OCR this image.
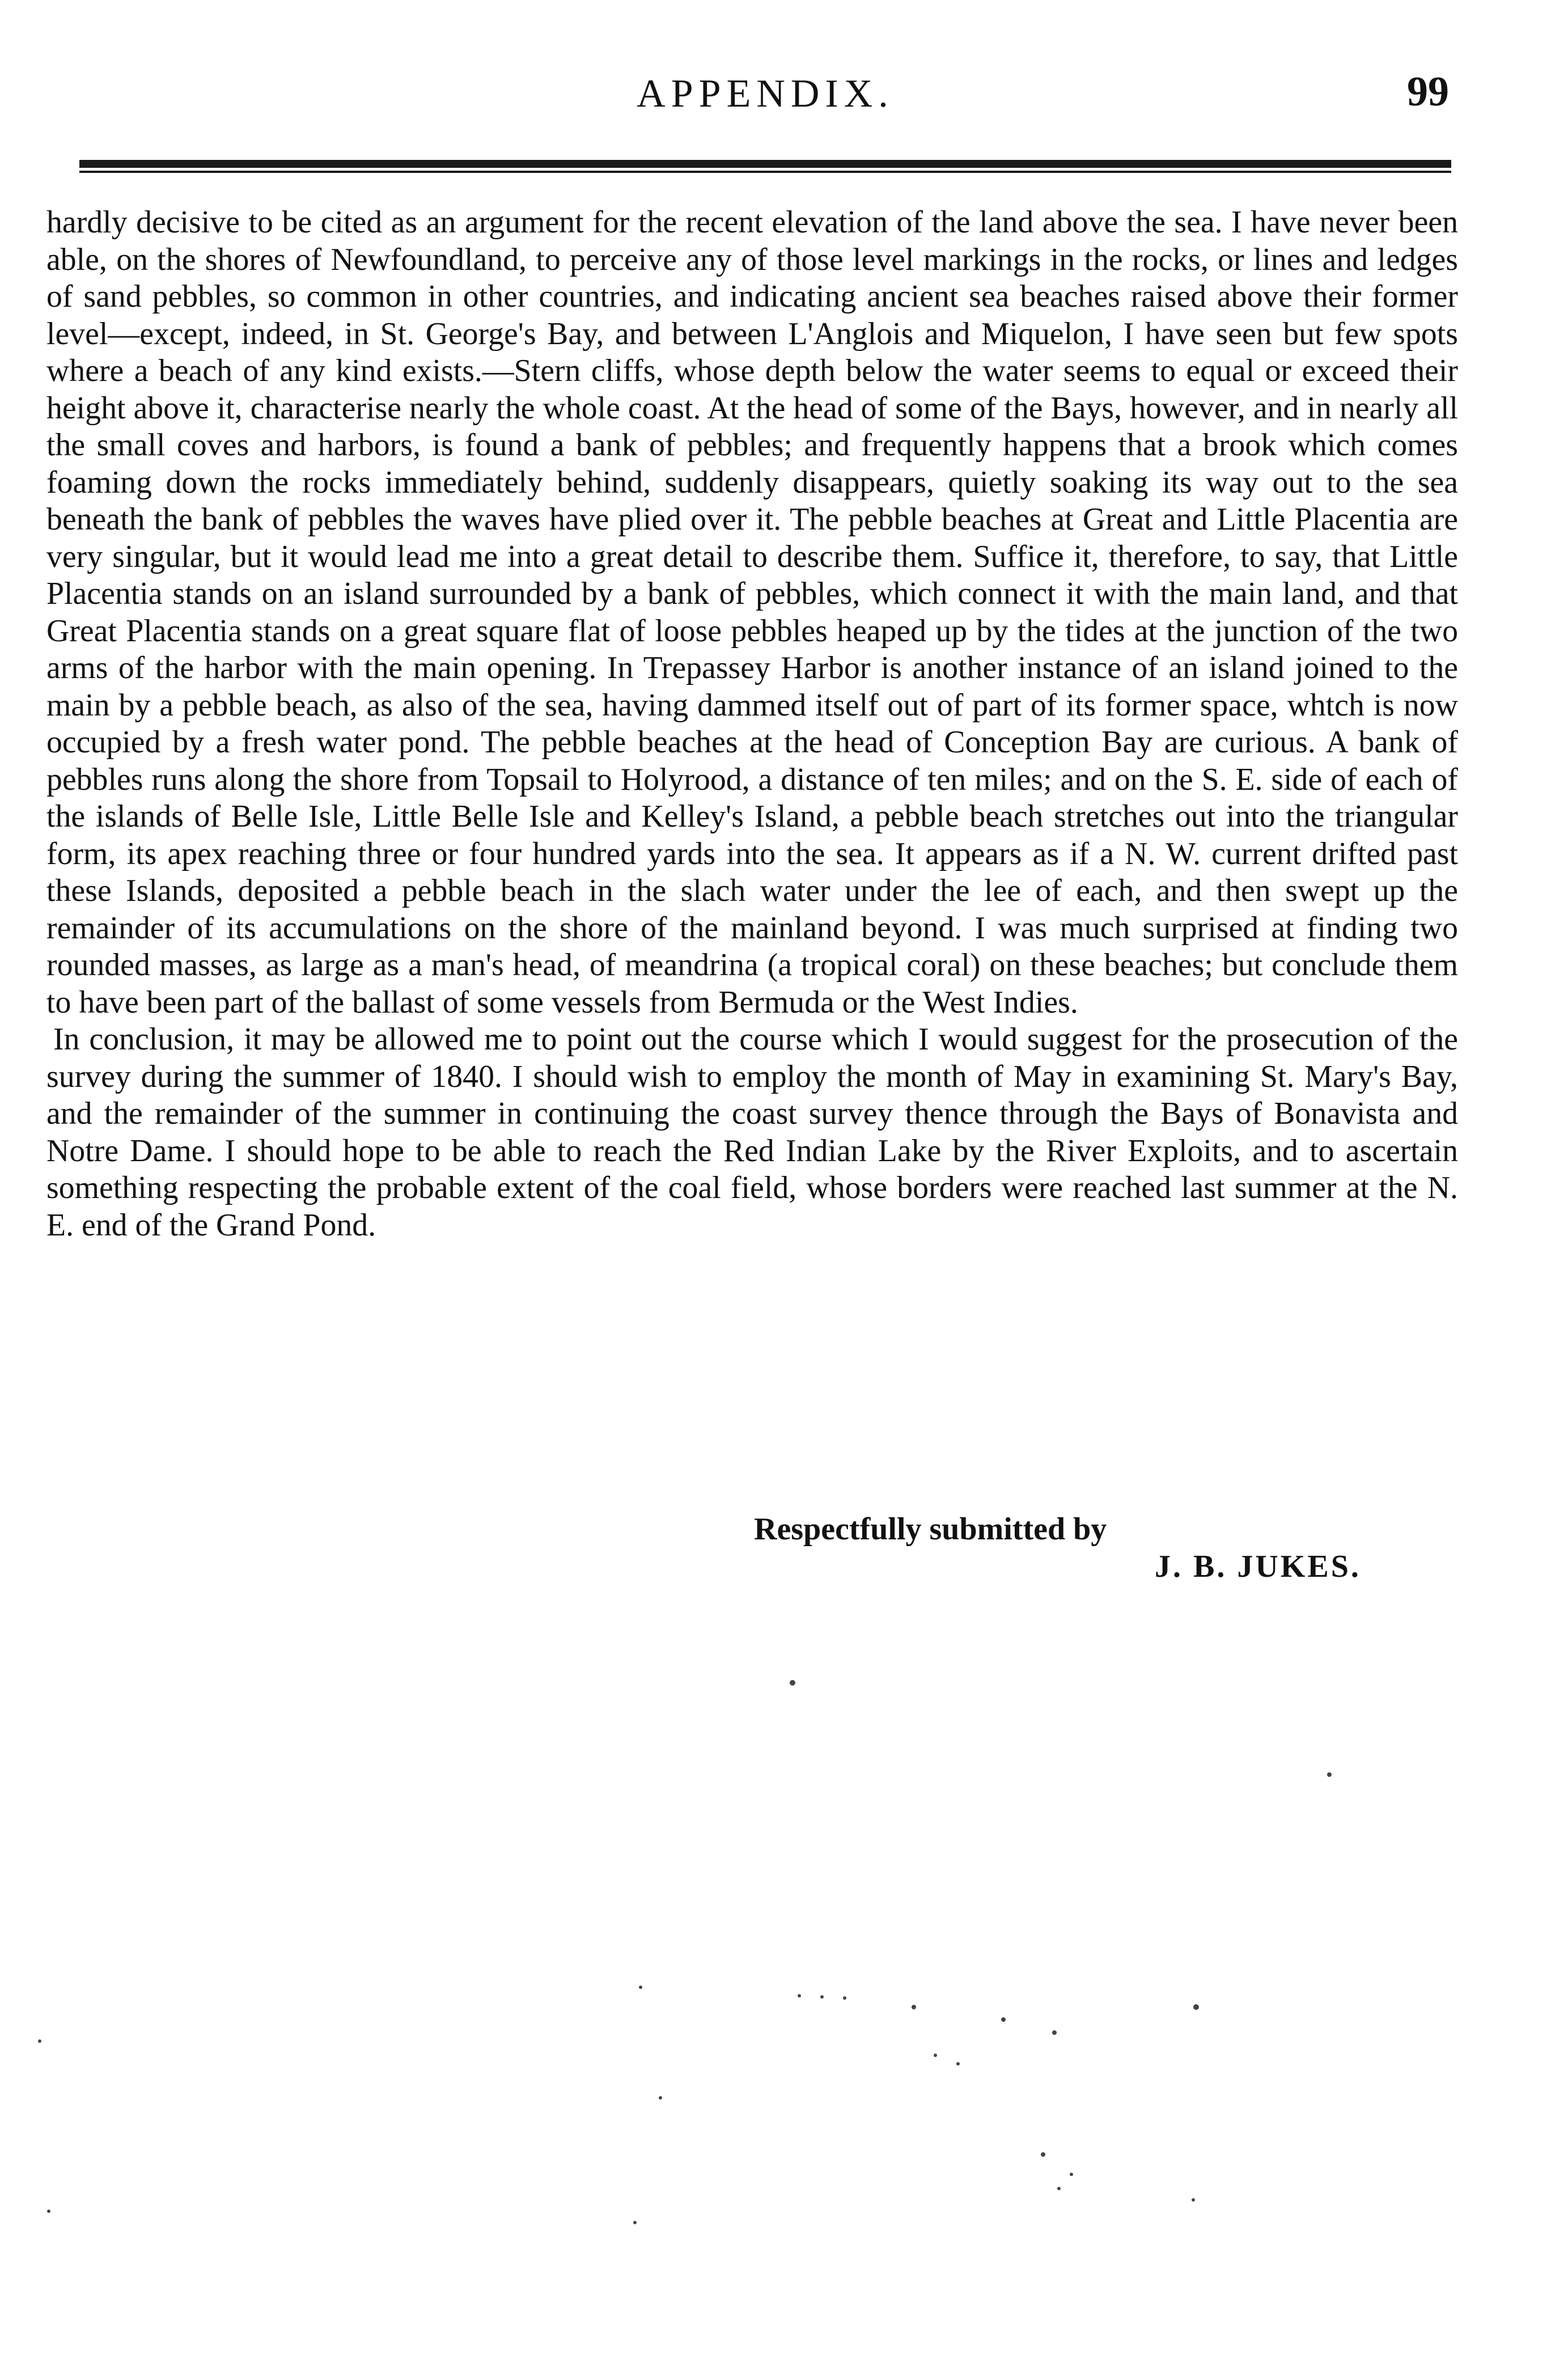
APPENDIX.	99

hardly decisive to be cited as an argument for the recent elevation of the land above the sea. I have never been able, on the shores of Newfoundland, to perceive any of those level markings in the rocks, or lines and ledges of sand pebbles, so common in other countries, and indicating ancient sea beaches raised above their former level—except, indeed, in St. George's Bay, and between L'Anglois and Miquelon, I have seen but few spots where a beach of any kind exists.—Stern cliffs, whose depth below the water seems to equal or exceed their height above it, characterise nearly the whole coast. At the head of some of the Bays, however, and in nearly all the small coves and harbors, is found a bank of pebbles; and frequently happens that a brook which comes foaming down the rocks immediately behind, suddenly disappears, quietly soaking its way out to the sea beneath the bank of pebbles the waves have plied over it. The pebble beaches at Great and Little Placentia are very singular, but it would lead me into a great detail to describe them. Suffice it, therefore, to say, that Little Placentia stands on an island surrounded by a bank of pebbles, which connect it with the main land, and that Great Placentia stands on a great square flat of loose pebbles heaped up by the tides at the junction of the two arms of the harbor with the main opening. In Trepassey Harbor is another instance of an island joined to the main by a pebble beach, as also of the sea, having dammed itself out of part of its former space, whtch is now occupied by a fresh water pond. The pebble beaches at the head of Conception Bay are curious. A bank of pebbles runs along the shore from Topsail to Holyrood, a distance of ten miles; and on the S. E. side of each of the islands of Belle Isle, Little Belle Isle and Kelley's Island, a pebble beach stretches out into the triangular form, its apex reaching three or four hundred yards into the sea. It appears as if a N. W. current drifted past these Islands, deposited a pebble beach in the slach water under the lee of each, and then swept up the remainder of its accumulations on the shore of the mainland beyond. I was much surprised at finding two rounded masses, as large as a man's head, of meandrina (a tropical coral) on these beaches; but conclude them to have been part of the ballast of some vessels from Bermuda or the West Indies.

In conclusion, it may be allowed me to point out the course which I would suggest for the prosecution of the survey during the summer of 1840. I should wish to employ the month of May in examining St. Mary's Bay, and the remainder of the summer in continuing the coast survey thence through the Bays of Bonavista and Notre Dame. I should hope to be able to reach the Red Indian Lake by the River Exploits, and to ascertain something respecting the probable extent of the coal field, whose borders were reached last summer at the N. E. end of the Grand Pond.

Respectfully submitted by
J. B. JUKES.
